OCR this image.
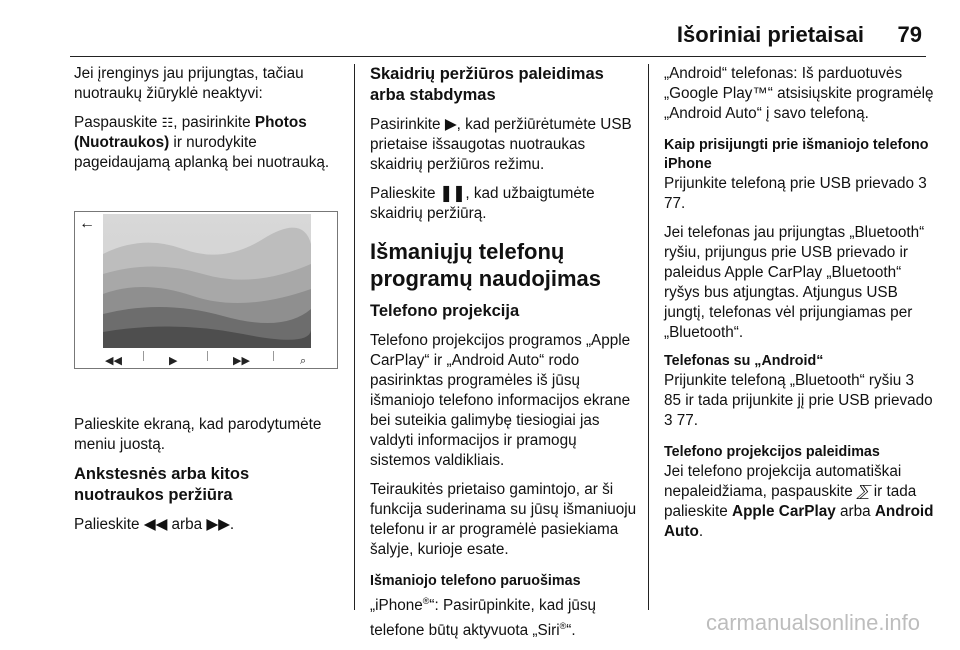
Išoriniai prietaisai 79

Jei įrenginys jau prijungtas, tačiau nuotraukų žiūryklė neaktyvi:

Paspauskite ☷, pasirinkite Photos (Nuotraukos) ir nurodykite pageidaujamą aplanką bei nuotrauką.

←
◀◀	▶	▶▶	⌕

Palieskite ekraną, kad parodytumėte meniu juostą.

Ankstesnės arba kitos nuotraukos peržiūra

Palieskite ◀◀ arba ▶▶.

Skaidrių peržiūros paleidimas arba stabdymas

Pasirinkite ▶, kad peržiūrėtumėte USB prietaise išsaugotas nuotraukas skaidrių peržiūros režimu.

Palieskite ❚❚, kad užbaigtumėte skaidrių peržiūrą.

Išmaniųjų telefonų programų naudojimas
Telefono projekcija

Telefono projekcijos programos „Apple CarPlay“ ir „Android Auto“ rodo pasirinktas programėles iš jūsų išmaniojo telefono informacijos ekrane bei suteikia galimybę tiesiogiai jas valdyti informacijos ir pramogų sistemos valdikliais.

Teiraukitės prietaiso gamintojo, ar ši funkcija suderinama su jūsų išmaniuoju telefonu ir ar programėlė pasiekiama šalyje, kurioje esate.

Išmaniojo telefono paruošimas

„iPhone®“: Pasirūpinkite, kad jūsų telefone būtų aktyvuota „Siri®“.

„Android“ telefonas: Iš parduotuvės „Google Play™“ atsisiųskite programėlę „Android Auto“ į savo telefoną.

Kaip prisijungti prie išmaniojo telefono
iPhone

Prijunkite telefoną prie USB prievado 3 77.

Jei telefonas jau prijungtas „Bluetooth“ ryšiu, prijungus prie USB prievado ir paleidus Apple CarPlay „Bluetooth“ ryšys bus atjungtas. Atjungus USB jungtį, telefonas vėl prijungiamas per „Bluetooth“.

Telefonas su „Android“

Prijunkite telefoną „Bluetooth“ ryšiu 3 85 ir tada prijunkite jį prie USB prievado 3 77.

Telefono projekcijos paleidimas

Jei telefono projekcija automatiškai nepaleidžiama, paspauskite ⅀ ir tada palieskite Apple CarPlay arba Android Auto.

carmanualsonline.info
